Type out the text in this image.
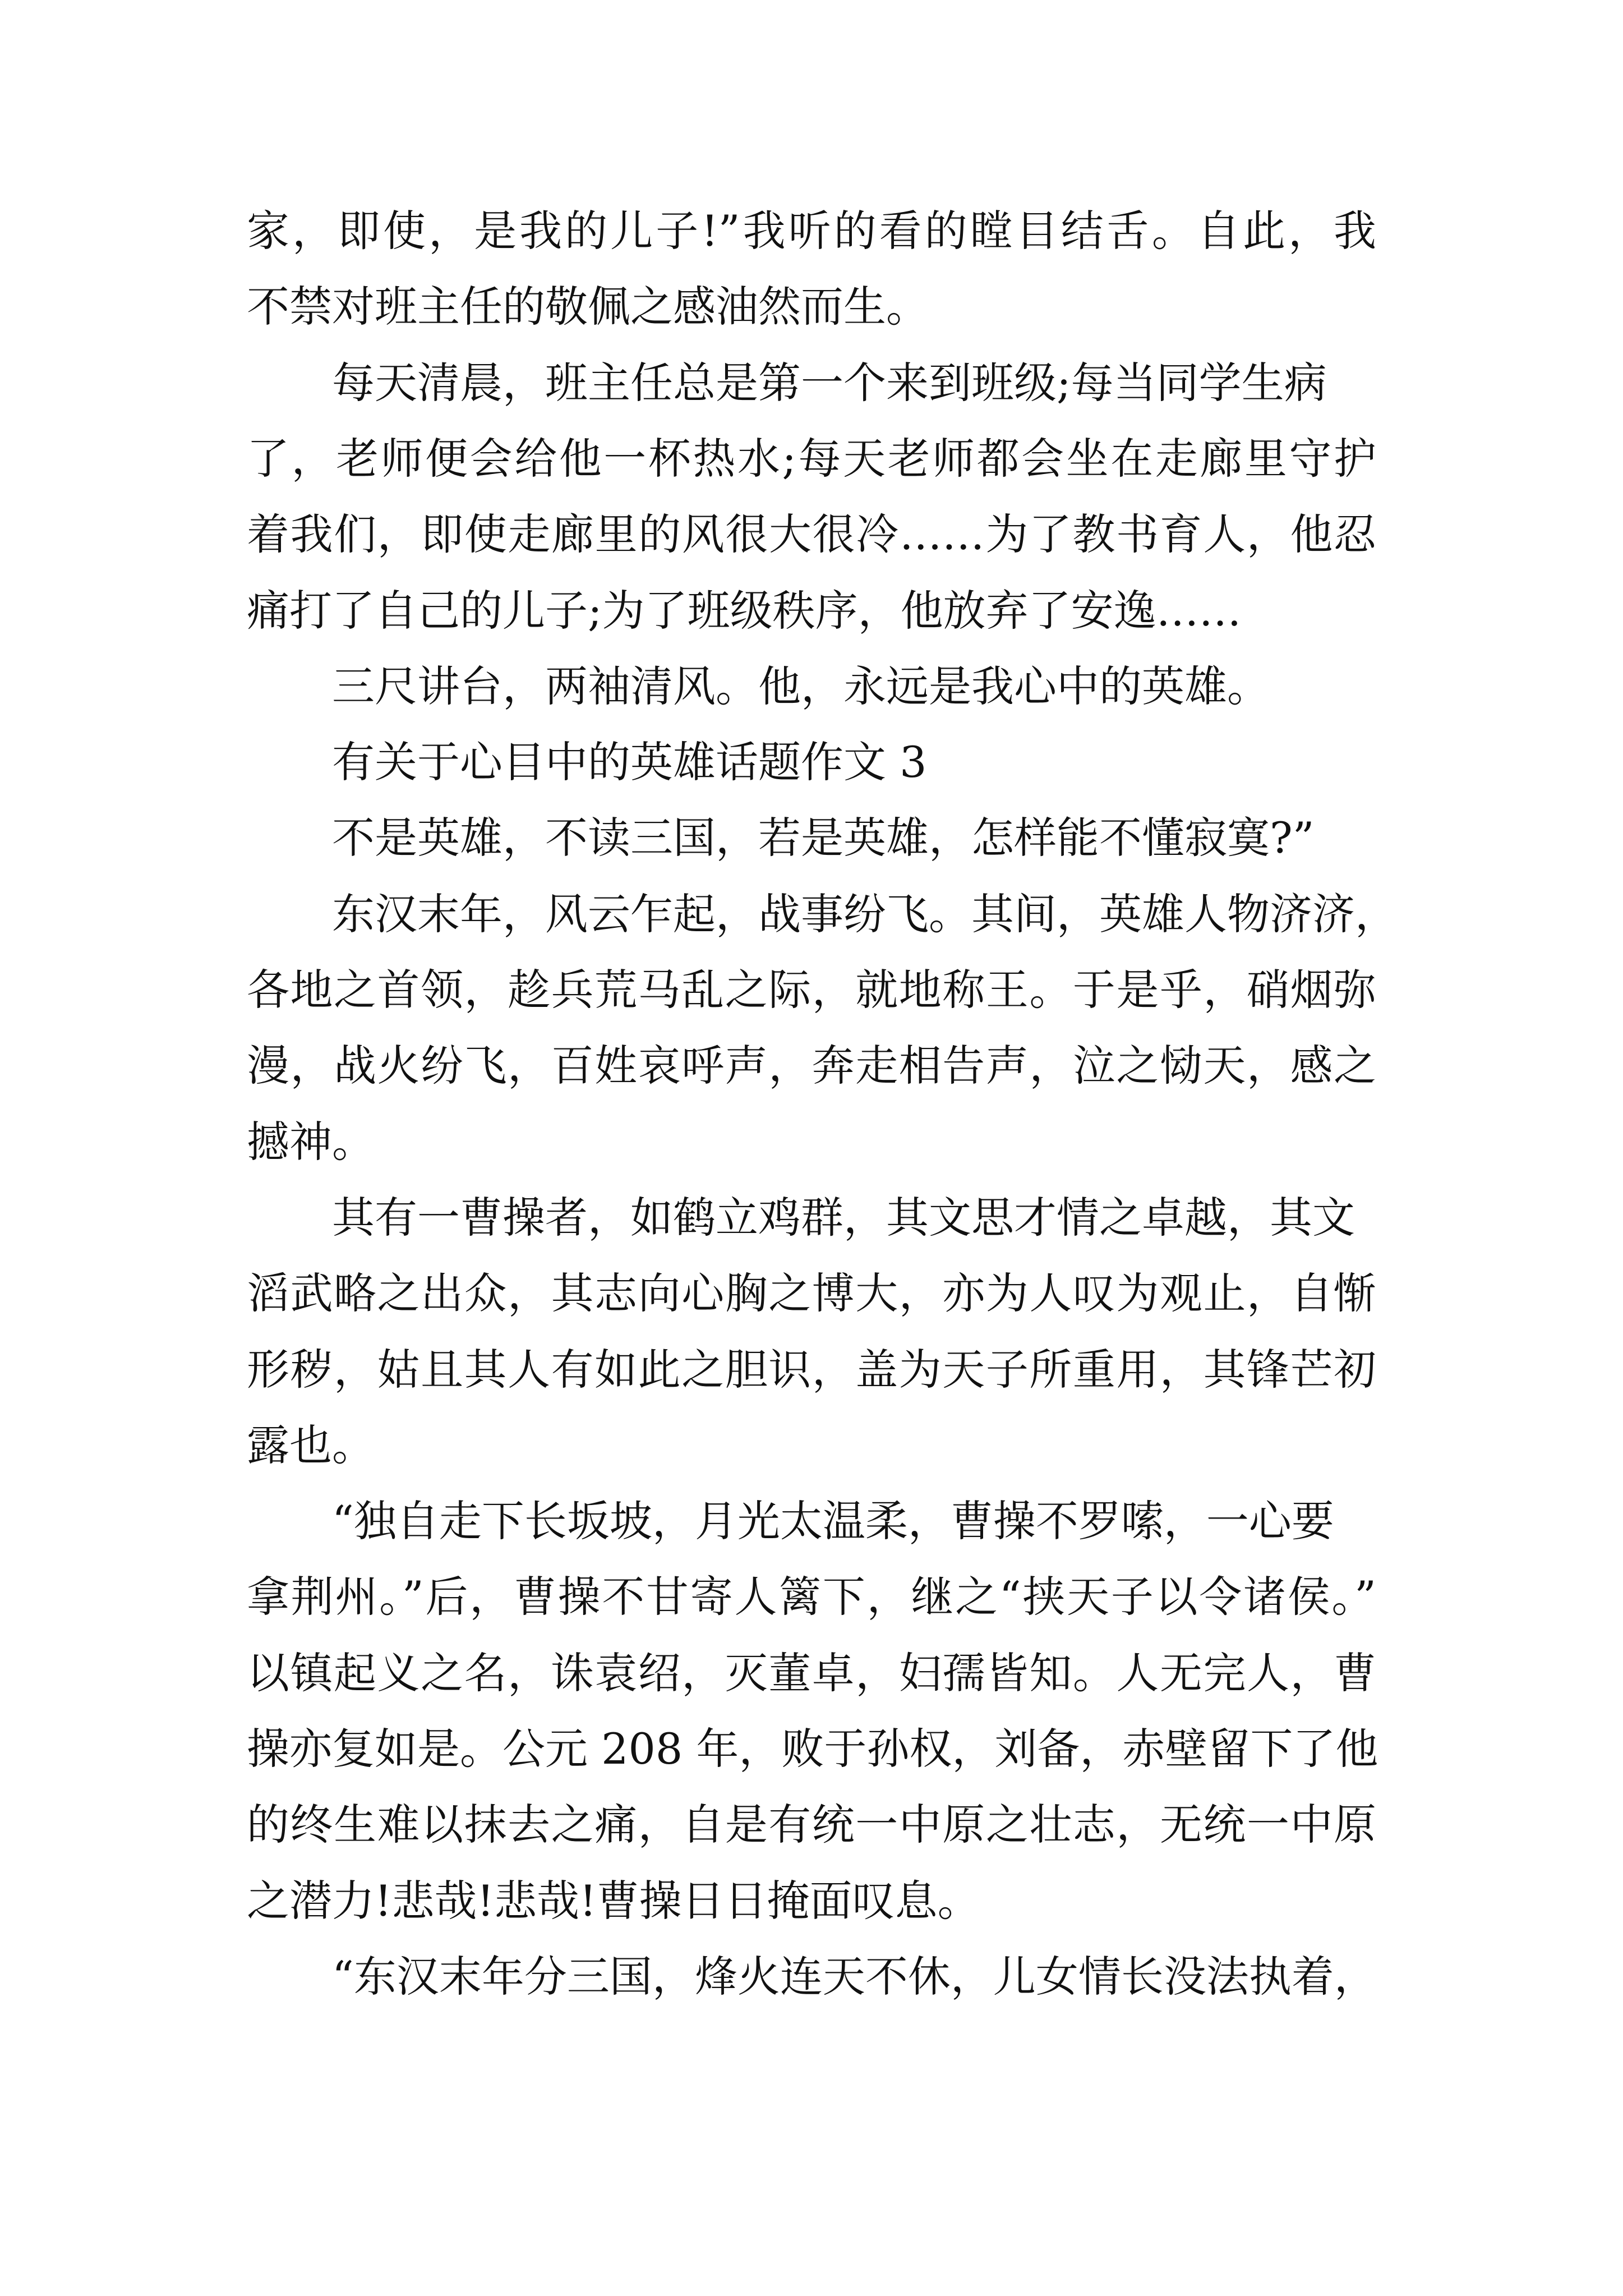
家，即使，是我的儿子!”我听的看的瞠目结舌。自此，我
不禁对班主任的敬佩之感油然而生。
每天清晨，班主任总是第一个来到班级;每当同学生病
了，老师便会给他一杯热水;每天老师都会坐在走廊里守护
着我们，即使走廊里的风很大很冷……为了教书育人，他忍
痛打了自己的儿子;为了班级秩序，他放弃了安逸……
三尺讲台，两袖清风。他，永远是我心中的英雄。
有关于心目中的英雄话题作文 3
不是英雄，不读三国，若是英雄，怎样能不懂寂寞?”
东汉末年，风云乍起，战事纷飞。其间，英雄人物济济，
各地之首领，趁兵荒马乱之际，就地称王。于是乎，硝烟弥
漫，战火纷飞，百姓哀呼声，奔走相告声，泣之恸天，感之
撼神。
其有一曹操者，如鹤立鸡群，其文思才情之卓越，其文
滔武略之出众，其志向心胸之博大，亦为人叹为观止，自惭
形秽，姑且其人有如此之胆识，盖为天子所重用，其锋芒初
露也。
“独自走下长坂坡，月光太温柔，曹操不罗嗦，一心要
拿荆州。”后，曹操不甘寄人篱下，继之“挟天子以令诸侯。”
以镇起义之名，诛袁绍，灭董卓，妇孺皆知。人无完人，曹
操亦复如是。公元 208 年，败于孙权，刘备，赤壁留下了他
的终生难以抹去之痛，自是有统一中原之壮志，无统一中原
之潜力!悲哉!悲哉!曹操日日掩面叹息。
“东汉末年分三国，烽火连天不休，儿女情长没法执着，
